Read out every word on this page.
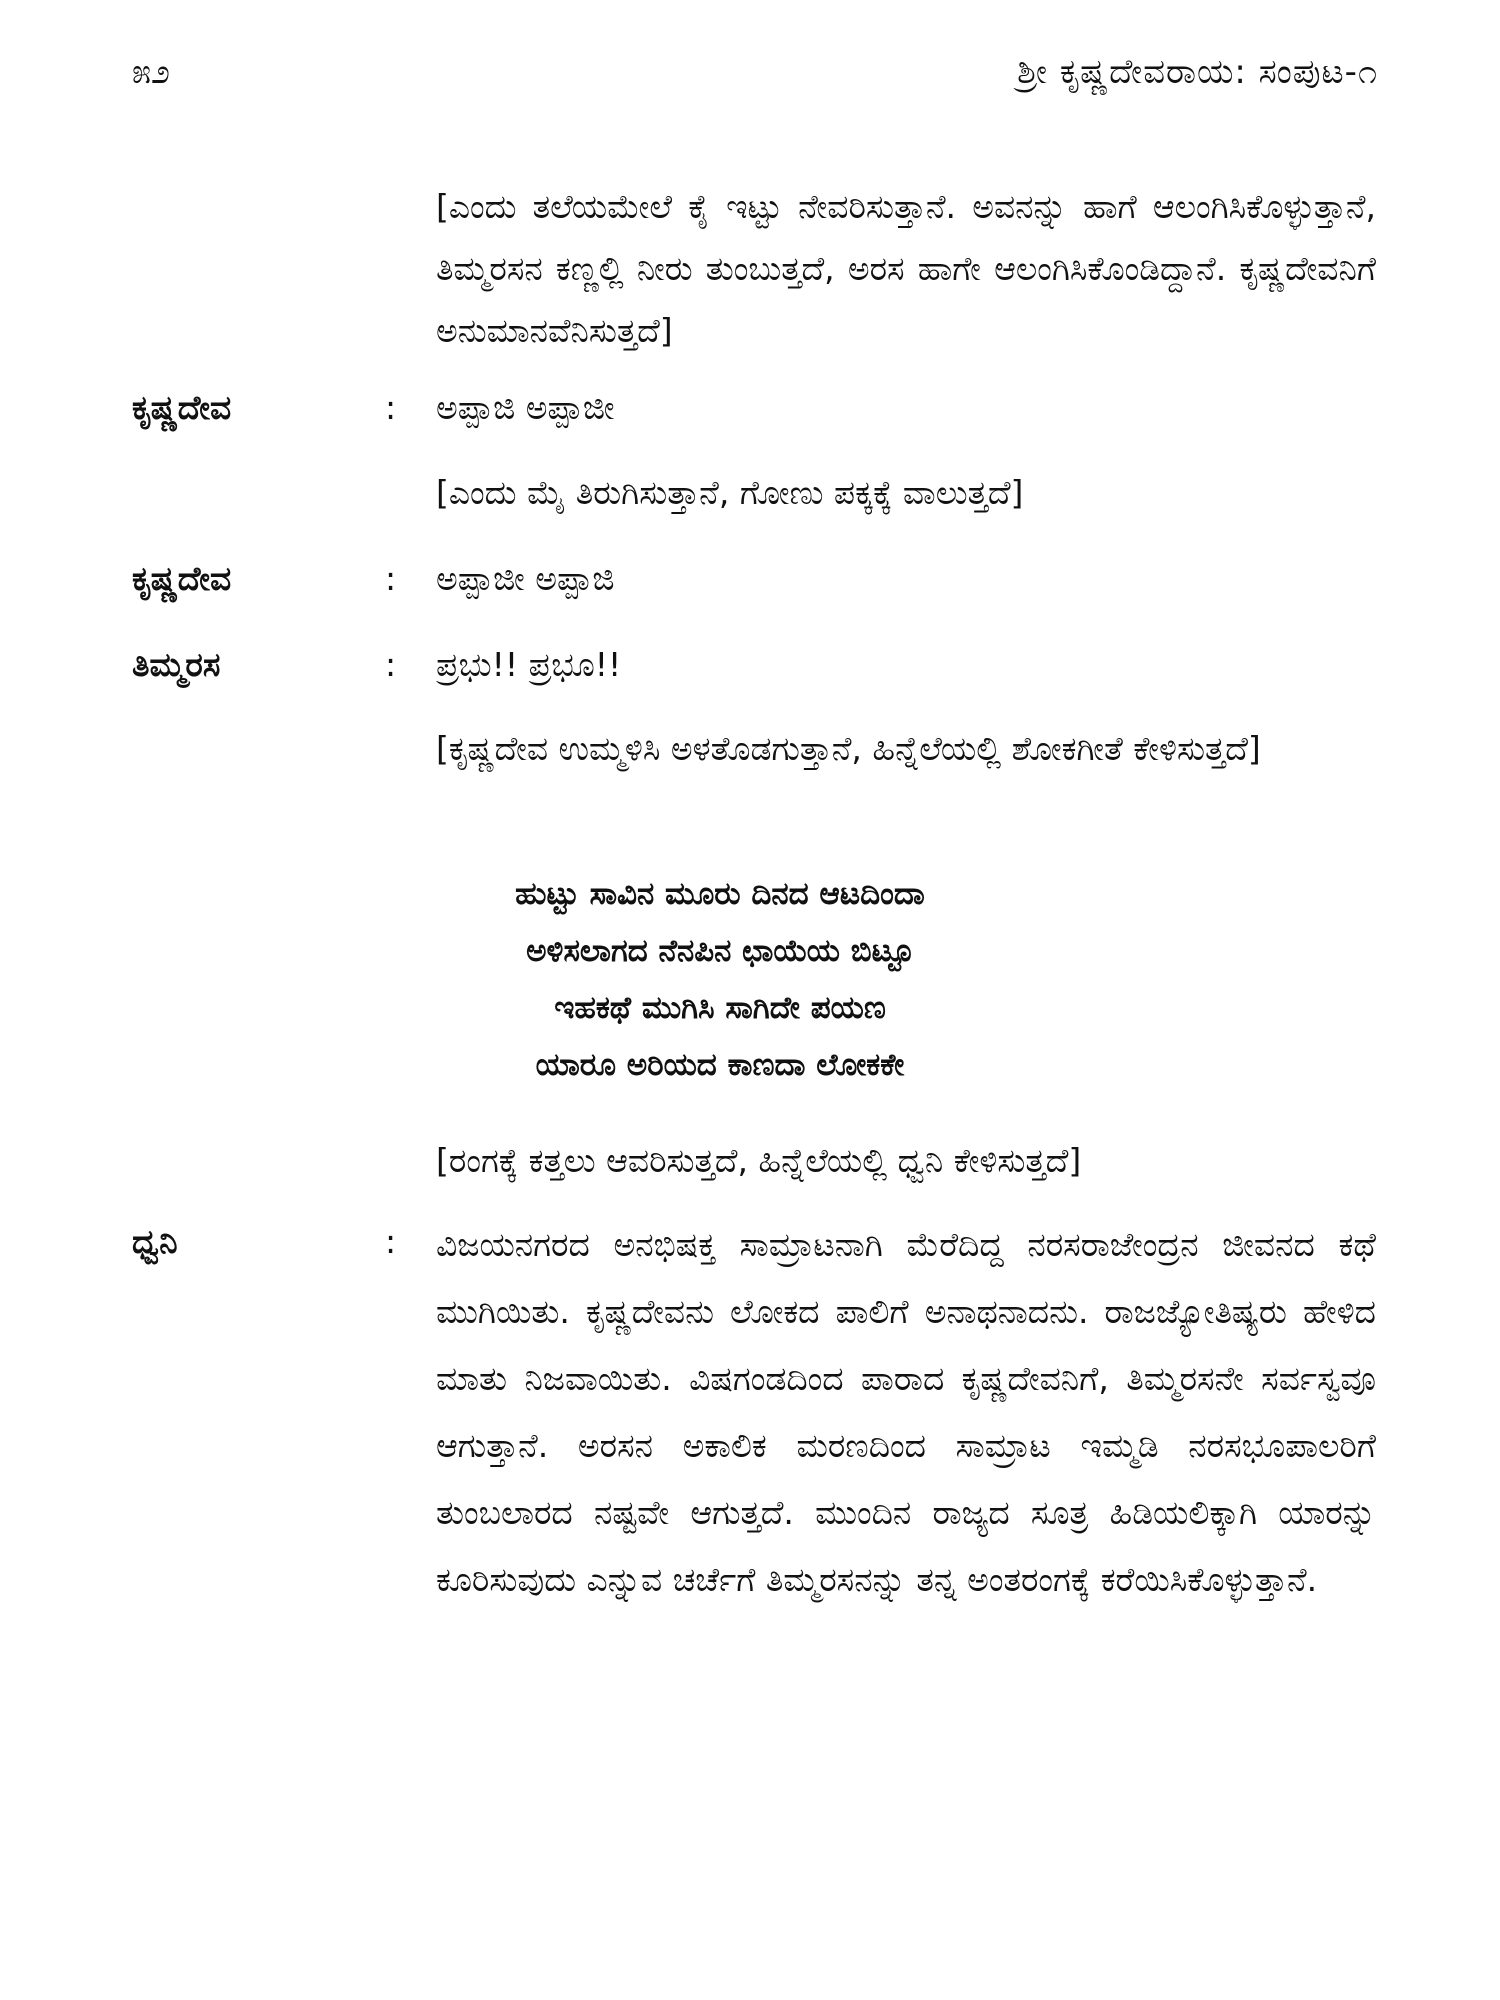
೫೨	ಶ್ರೀ ಕೃಷ್ಣದೇವರಾಯ: ಸಂಪುಟ-೧

[ಎಂದು ತಲೆಯಮೇಲೆ ಕೈ ಇಟ್ಟು ನೇವರಿಸುತ್ತಾನೆ. ಅವನನ್ನು ಹಾಗೆ ಆಲಂಗಿಸಿಕೊಳ್ಳುತ್ತಾನೆ, ತಿಮ್ಮರಸನ ಕಣ್ಣಲ್ಲಿ ನೀರು ತುಂಬುತ್ತದೆ, ಅರಸ ಹಾಗೇ ಆಲಂಗಿಸಿಕೊಂಡಿದ್ದಾನೆ. ಕೃಷ್ಣದೇವನಿಗೆ ಅನುಮಾನವೆನಿಸುತ್ತದೆ]

ಕೃಷ್ಣದೇವ	: ಅಪ್ಪಾಜಿ ಅಪ್ಪಾಜೀ

[ಎಂದು ಮೈ ತಿರುಗಿಸುತ್ತಾನೆ, ಗೋಣು ಪಕ್ಕಕ್ಕೆ ವಾಲುತ್ತದೆ]

ಕೃಷ್ಣದೇವ	: ಅಪ್ಪಾಜೀ ಅಪ್ಪಾಜಿ

ತಿಮ್ಮರಸ	: ಪ್ರಭು!! ಪ್ರಭೂ!!

[ಕೃಷ್ಣದೇವ ಉಮ್ಮಳಿಸಿ ಅಳತೊಡಗುತ್ತಾನೆ, ಹಿನ್ನೆಲೆಯಲ್ಲಿ ಶೋಕಗೀತೆ ಕೇಳಿಸುತ್ತದೆ]

ಹುಟ್ಟು ಸಾವಿನ ಮೂರು ದಿನದ ಆಟದಿಂದಾ
ಅಳಿಸಲಾಗದ ನೆನಪಿನ ಛಾಯೆಯ ಬಿಟ್ಟೂ
ಇಹಕಥೆ ಮುಗಿಸಿ ಸಾಗಿದೇ ಪಯಣ
ಯಾರೂ ಅರಿಯದ ಕಾಣದಾ ಲೋಕಕೇ

[ರಂಗಕ್ಕೆ ಕತ್ತಲು ಆವರಿಸುತ್ತದೆ, ಹಿನ್ನೆಲೆಯಲ್ಲಿ ಧ್ವನಿ ಕೇಳಿಸುತ್ತದೆ]

ಧ್ವನಿ	: ವಿಜಯನಗರದ ಅನಭಿಷಕ್ತ ಸಾಮ್ರಾಟನಾಗಿ ಮೆರೆದಿದ್ದ ನರಸರಾಜೇಂದ್ರನ ಜೀವನದ ಕಥೆ ಮುಗಿಯಿತು. ಕೃಷ್ಣದೇವನು ಲೋಕದ ಪಾಲಿಗೆ ಅನಾಥನಾದನು. ರಾಜಜ್ಯೋತಿಷ್ಯರು ಹೇಳಿದ ಮಾತು ನಿಜವಾಯಿತು. ವಿಷಗಂಡದಿಂದ ಪಾರಾದ ಕೃಷ್ಣದೇವನಿಗೆ, ತಿಮ್ಮರಸನೇ ಸರ್ವಸ್ವವೂ ಆಗುತ್ತಾನೆ. ಅರಸನ ಅಕಾಲಿಕ ಮರಣದಿಂದ ಸಾಮ್ರಾಟ ಇಮ್ಮಡಿ ನರಸಭೂಪಾಲರಿಗೆ ತುಂಬಲಾರದ ನಷ್ಟವೇ ಆಗುತ್ತದೆ. ಮುಂದಿನ ರಾಜ್ಯದ ಸೂತ್ರ ಹಿಡಿಯಲಿಕ್ಕಾಗಿ ಯಾರನ್ನು ಕೂರಿಸುವುದು ಎನ್ನುವ ಚರ್ಚೆಗೆ ತಿಮ್ಮರಸನನ್ನು ತನ್ನ ಅಂತರಂಗಕ್ಕೆ ಕರೆಯಿಸಿಕೊಳ್ಳುತ್ತಾನೆ.
